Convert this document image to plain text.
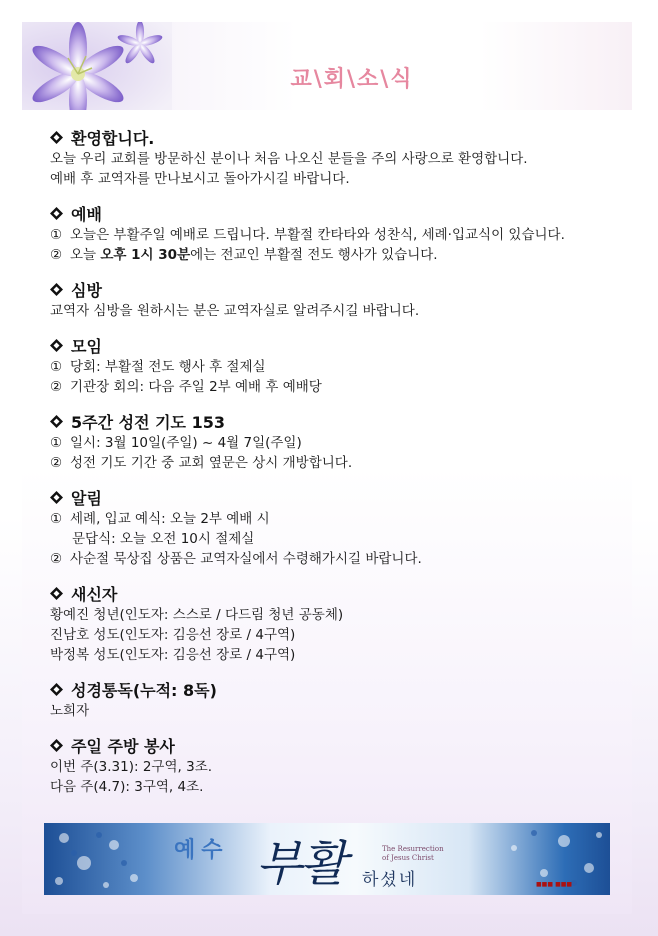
교\회\소\식
환영합니다.
오늘 우리 교회를 방문하신 분이나 처음 나오신 분들을 주의 사랑으로 환영합니다.
예배 후 교역자를 만나보시고 돌아가시길 바랍니다.
예배
① 오늘은 부활주일 예배로 드립니다. 부활절 칸타타와 성찬식, 세례·입교식이 있습니다.
② 오늘 오후 1시 30분에는 전교인 부활절 전도 행사가 있습니다.
심방
교역자 심방을 원하시는 분은 교역자실로 알려주시길 바랍니다.
모임
① 당회: 부활절 전도 행사 후 절제실
② 기관장 회의: 다음 주일 2부 예배 후 예배당
5주간 성전 기도 153
① 일시: 3월 10일(주일) ~ 4월 7일(주일)
② 성전 기도 기간 중 교회 옆문은 상시 개방합니다.
알림
① 세례, 입교 예식: 오늘 2부 예배 시
문답식: 오늘 오전 10시 절제실
② 사순절 묵상집 상품은 교역자실에서 수령해가시길 바랍니다.
새신자
황예진 청년(인도자: 스스로 / 다드림 청년 공동체)
진남호 성도(인도자: 김응선 장로 / 4구역)
박정복 성도(인도자: 김응선 장로 / 4구역)
성경통독(누적: 8독)
노희자
주일 주방 봉사
이번 주(3.31): 2구역, 3조.
다음 주(4.7): 3구역, 4조.
예수 부활	The Resurrection
of Jesus Christ
하셨네	■■■ ■■■
